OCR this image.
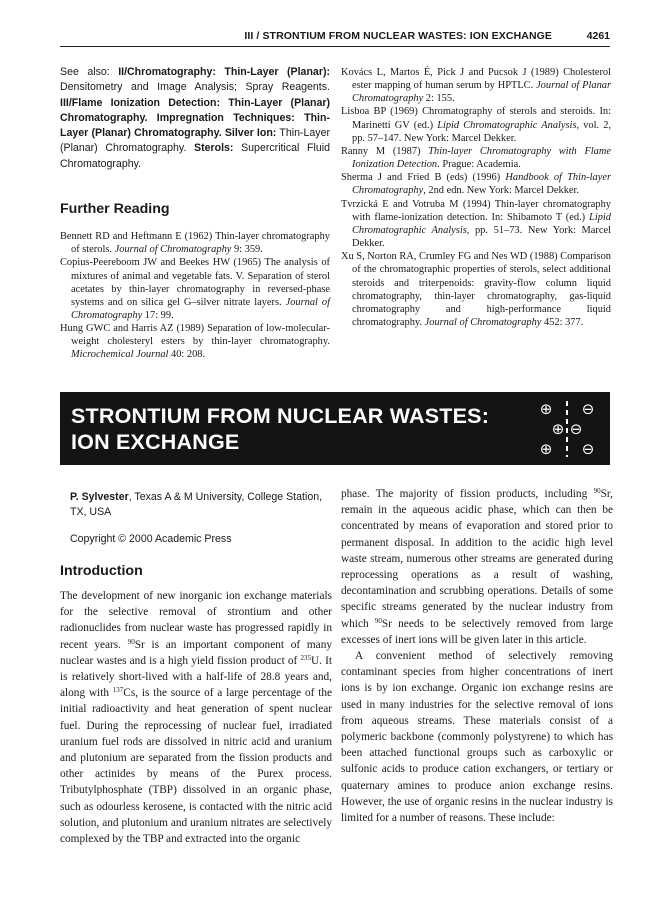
III / STRONTIUM FROM NUCLEAR WASTES: ION EXCHANGE	4261

See also: II/Chromatography: Thin-Layer (Planar): Densitometry and Image Analysis; Spray Reagents. III/Flame Ionization Detection: Thin-Layer (Planar) Chromatography. Impregnation Techniques: Thin-Layer (Planar) Chromatography. Silver Ion: Thin-Layer (Planar) Chromatography. Sterols: Supercritical Fluid Chromatography.

Further Reading
Bennett RD and Heftmann E (1962) Thin-layer chromatography of sterols. Journal of Chromatography 9: 359.
Copius-Peereboom JW and Beekes HW (1965) The analysis of mixtures of animal and vegetable fats. V. Separation of sterol acetates by thin-layer chromatography in reversed-phase systems and on silica gel G–silver nitrate layers. Journal of Chromatography 17: 99.
Hung GWC and Harris AZ (1989) Separation of low-molecular-weight cholesteryl esters by thin-layer chromatography. Microchemical Journal 40: 208.
Kovács L, Martos É, Pick J and Pucsok J (1989) Cholesterol ester mapping of human serum by HPTLC. Journal of Planar Chromatography 2: 155.
Lisboa BP (1969) Chromatography of sterols and steroids. In: Marinetti GV (ed.) Lipid Chromatographic Analysis, vol. 2, pp. 57–147. New York: Marcel Dekker.
Ranny M (1987) Thin-layer Chromatography with Flame Ionization Detection. Prague: Academia.
Sherma J and Fried B (eds) (1996) Handbook of Thin-layer Chromatography, 2nd edn. New York: Marcel Dekker.
Tvrzická E and Votruba M (1994) Thin-layer chromatography with flame-ionization detection. In: Shibamoto T (ed.) Lipid Chromatographic Analysis, pp. 51–73. New York: Marcel Dekker.
Xu S, Norton RA, Crumley FG and Nes WD (1988) Comparison of the chromatographic properties of sterols, select additional steroids and triterpenoids: gravity-flow column liquid chromatography, thin-layer chromatography, gas-liquid chromatography and high-performance liquid chromatography. Journal of Chromatography 452: 377.
STRONTIUM FROM NUCLEAR WASTES:
ION EXCHANGE
⊕ ⊖
⊕ ⊖
⊕ ⊖

P. Sylvester, Texas A & M University, College Station, TX, USA

Copyright © 2000 Academic Press

Introduction

The development of new inorganic ion exchange materials for the selective removal of strontium and other radionuclides from nuclear waste has progressed rapidly in recent years. $^{90}$Sr is an important component of many nuclear wastes and is a high yield fission product of $^{235}$U. It is relatively short-lived with a half-life of 28.8 years and, along with $^{137}$Cs, is the source of a large percentage of the initial radioactivity and heat generation of spent nuclear fuel. During the reprocessing of nuclear fuel, irradiated uranium fuel rods are dissolved in nitric acid and uranium and plutonium are separated from the fission products and other actinides by means of the Purex process. Tributylphosphate (TBP) dissolved in an organic phase, such as odourless kerosene, is contacted with the nitric acid solution, and plutonium and uranium nitrates are selectively complexed by the TBP and extracted into the organic

phase. The majority of fission products, including $^{90}$Sr, remain in the aqueous acidic phase, which can then be concentrated by means of evaporation and stored prior to permanent disposal. In addition to the acidic high level waste stream, numerous other streams are generated during reprocessing operations as a result of washing, decontamination and scrubbing operations. Details of some specific streams generated by the nuclear industry from which $^{90}$Sr needs to be selectively removed from large excesses of inert ions will be given later in this article.

A convenient method of selectively removing contaminant species from higher concentrations of inert ions is by ion exchange. Organic ion exchange resins are used in many industries for the selective removal of ions from aqueous streams. These materials consist of a polymeric backbone (commonly polystyrene) to which has been attached functional groups such as carboxylic or sulfonic acids to produce cation exchangers, or tertiary or quaternary amines to produce anion exchange resins. However, the use of organic resins in the nuclear industry is limited for a number of reasons. These include:
